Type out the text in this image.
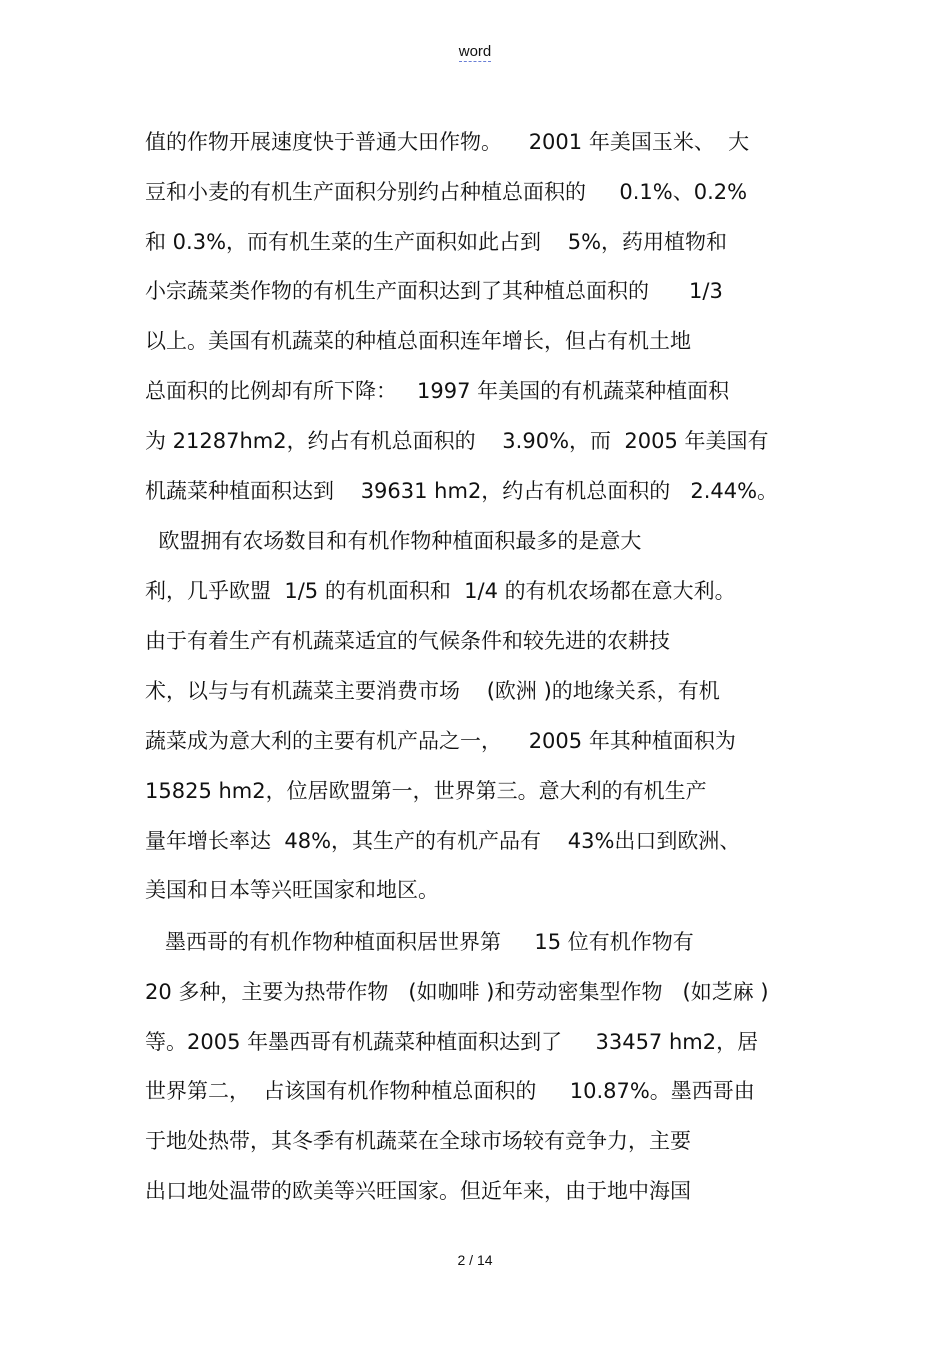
word
值的作物开展速度快于普通大田作物。    2001 年美国玉米、  大
豆和小麦的有机生产面积分别约占种植总面积的     0.1%、0.2%
和 0.3%，而有机生菜的生产面积如此占到    5%，药用植物和
小宗蔬菜类作物的有机生产面积达到了其种植总面积的      1/3
以上。美国有机蔬菜的种植总面积连年增长，但占有机土地
总面积的比例却有所下降：   1997 年美国的有机蔬菜种植面积
为 21287hm2，约占有机总面积的    3.90%，而  2005 年美国有
机蔬菜种植面积达到    39631 hm2，约占有机总面积的   2.44%。
欧盟拥有农场数目和有机作物种植面积最多的是意大
利，几乎欧盟  1/5 的有机面积和  1/4 的有机农场都在意大利。
由于有着生产有机蔬菜适宜的气候条件和较先进的农耕技
术，以与与有机蔬菜主要消费市场    (欧洲 )的地缘关系，有机
蔬菜成为意大利的主要有机产品之一，    2005 年其种植面积为
15825 hm2，位居欧盟第一，世界第三。意大利的有机生产
量年增长率达  48%，其生产的有机产品有    43%出口到欧洲、
美国和日本等兴旺国家和地区。
墨西哥的有机作物种植面积居世界第     15 位有机作物有
20 多种，主要为热带作物   (如咖啡 )和劳动密集型作物   (如芝麻 )
等。2005 年墨西哥有机蔬菜种植面积达到了     33457 hm2，居
世界第二，  占该国有机作物种植总面积的     10.87%。墨西哥由
于地处热带，其冬季有机蔬菜在全球市场较有竞争力，主要
出口地处温带的欧美等兴旺国家。但近年来，由于地中海国
2 / 14
